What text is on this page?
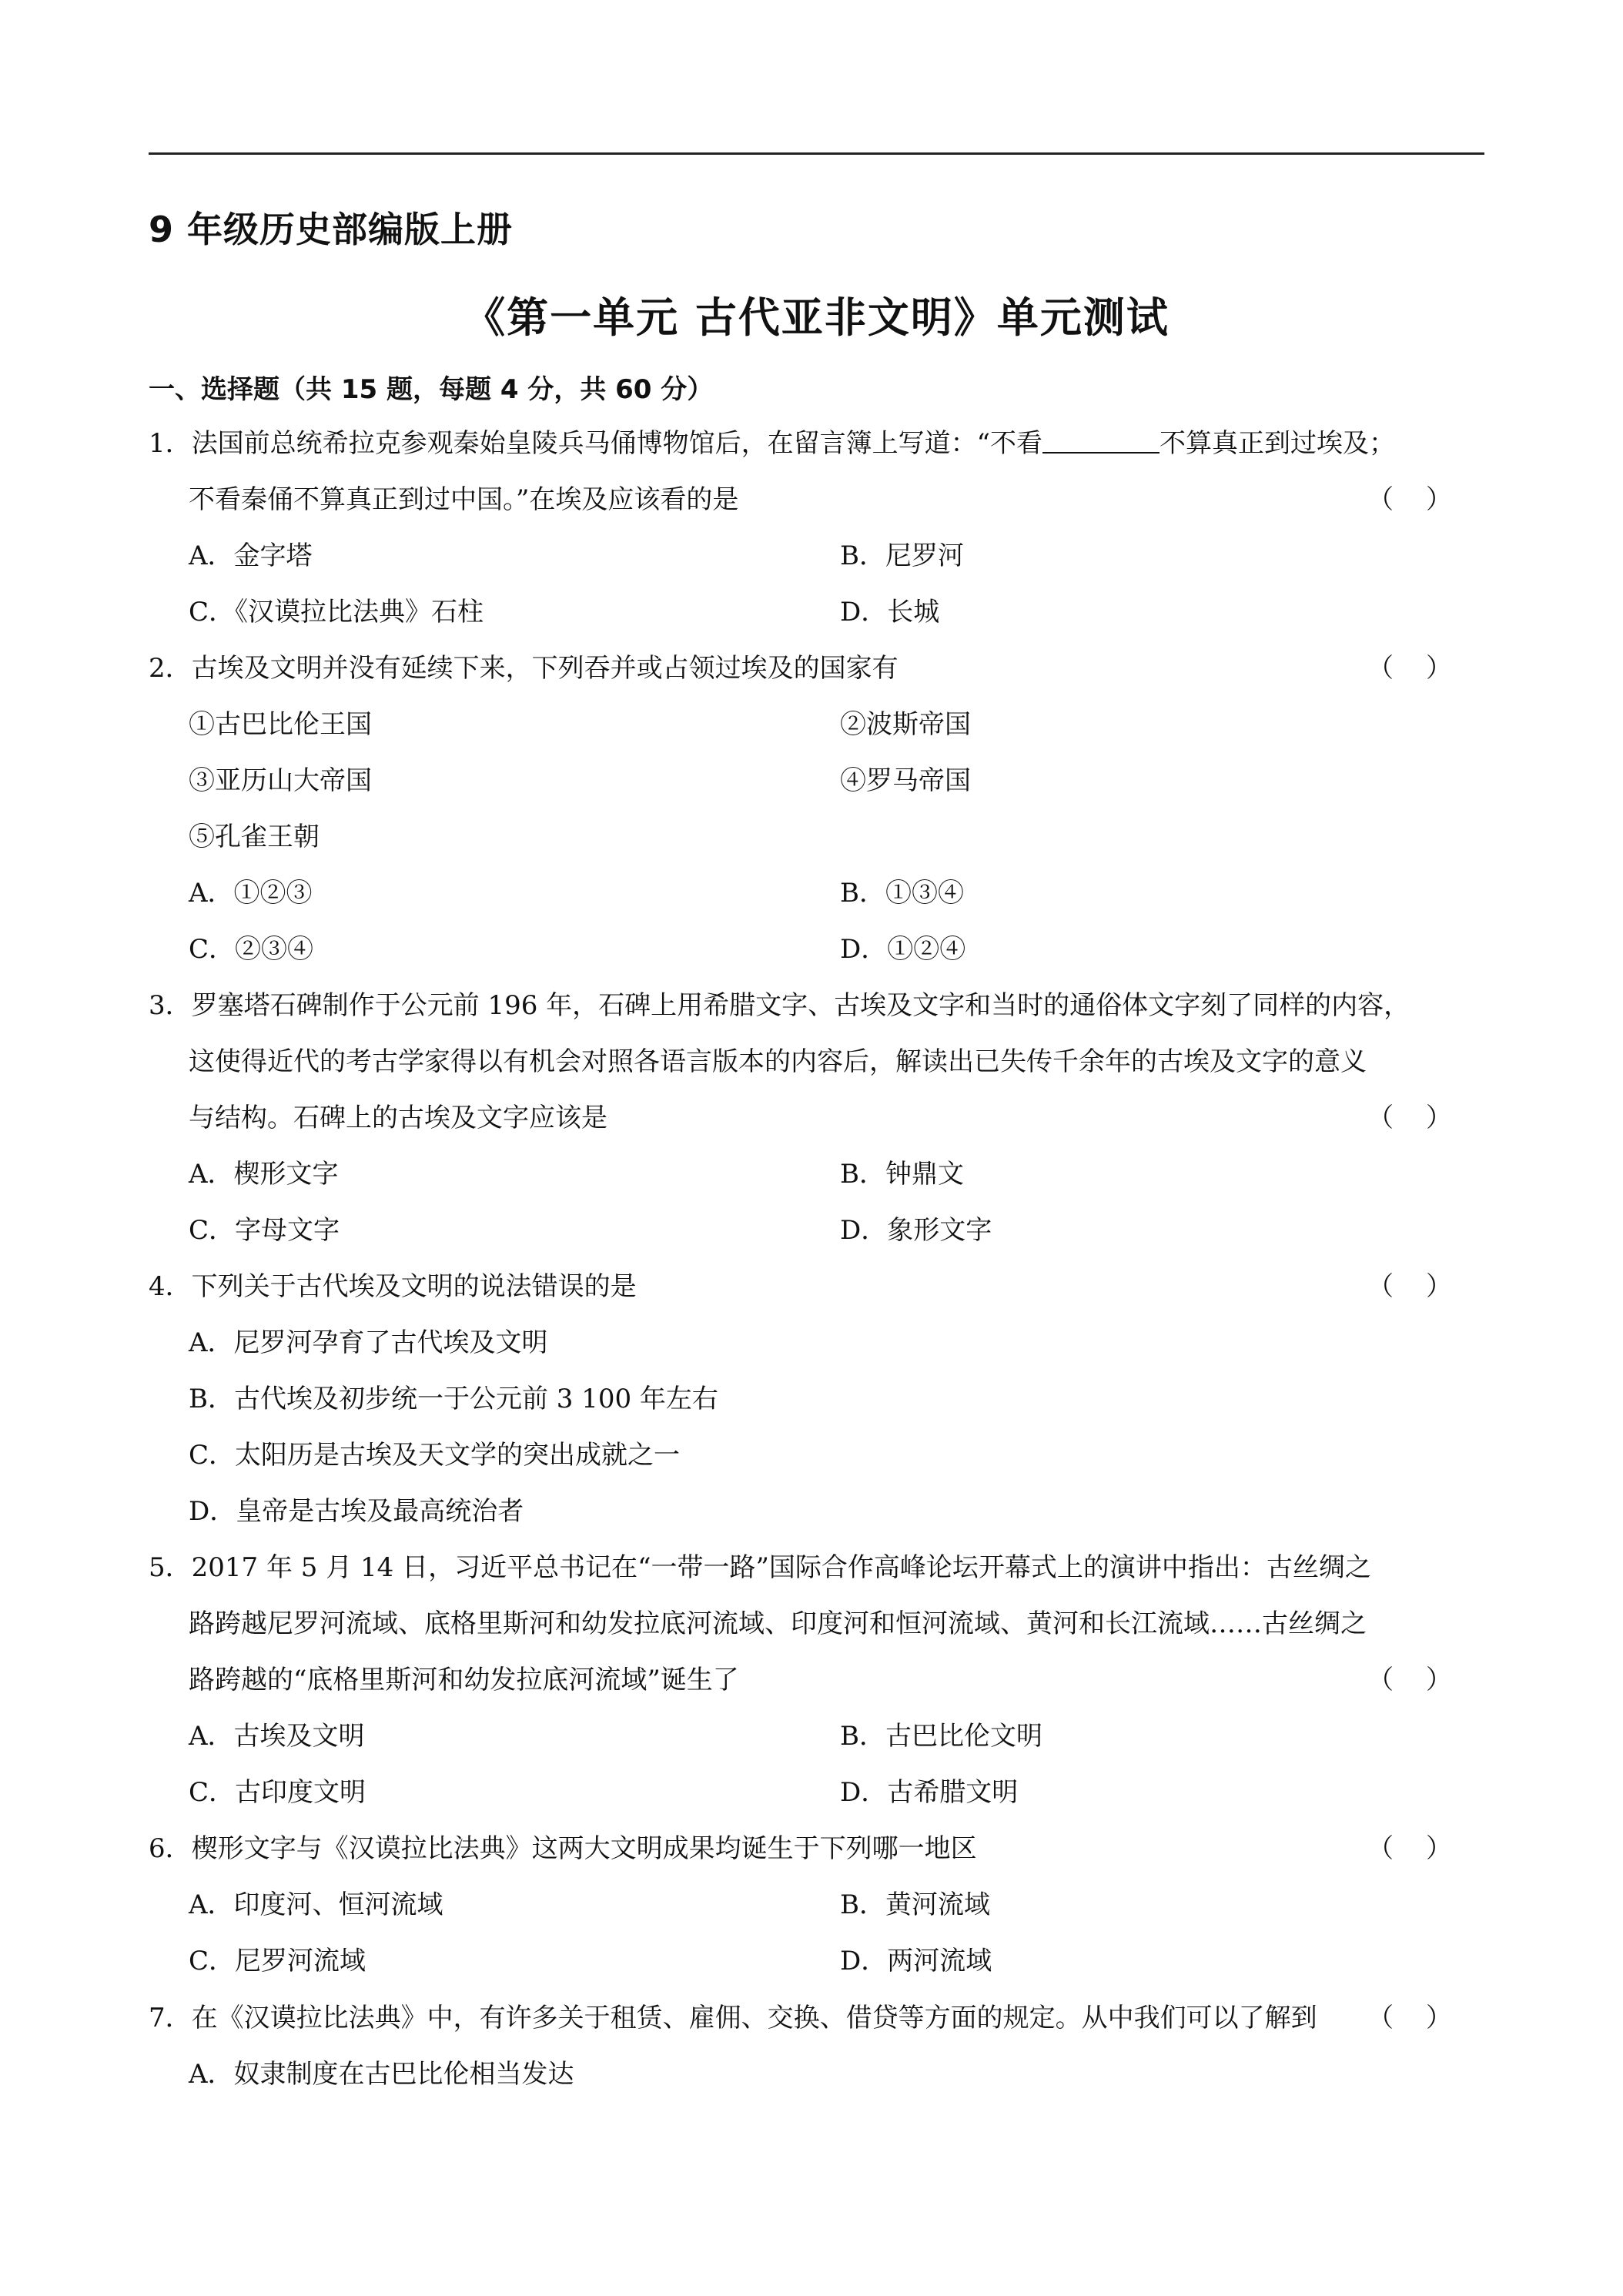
9 年级历史部编版上册
《第一单元 古代亚非文明》单元测试
一、选择题（共 15 题，每题 4 分，共 60 分）
1．法国前总统希拉克参观秦始皇陵兵马俑博物馆后，在留言簿上写道：“不看	不算真正到过埃及；
不看秦俑不算真正到过中国。”在埃及应该看的是	（）
A．金字塔	B．尼罗河
C．《汉谟拉比法典》石柱	D．长城
2．古埃及文明并没有延续下来，下列吞并或占领过埃及的国家有	（）
①古巴比伦王国	②波斯帝国
③亚历山大帝国	④罗马帝国
⑤孔雀王朝
A．①②③	B．①③④
C．②③④	D．①②④
3．罗塞塔石碑制作于公元前 196 年，石碑上用希腊文字、古埃及文字和当时的通俗体文字刻了同样的内容，
这使得近代的考古学家得以有机会对照各语言版本的内容后，解读出已失传千余年的古埃及文字的意义
与结构。石碑上的古埃及文字应该是	（）
A．楔形文字	B．钟鼎文
C．字母文字	D．象形文字
4．下列关于古代埃及文明的说法错误的是	（）
A．尼罗河孕育了古代埃及文明
B．古代埃及初步统一于公元前 3 100 年左右
C．太阳历是古埃及天文学的突出成就之一
D．皇帝是古埃及最高统治者
5．2017 年 5 月 14 日，习近平总书记在“一带一路”国际合作高峰论坛开幕式上的演讲中指出：古丝绸之
路跨越尼罗河流域、底格里斯河和幼发拉底河流域、印度河和恒河流域、黄河和长江流域……古丝绸之
路跨越的“底格里斯河和幼发拉底河流域”诞生了	（）
A．古埃及文明	B．古巴比伦文明
C．古印度文明	D．古希腊文明
6．楔形文字与《汉谟拉比法典》这两大文明成果均诞生于下列哪一地区	（）
A．印度河、恒河流域	B．黄河流域
C．尼罗河流域	D．两河流域
7．在《汉谟拉比法典》中，有许多关于租赁、雇佣、交换、借贷等方面的规定。从中我们可以了解到 （）
A．奴隶制度在古巴比伦相当发达
